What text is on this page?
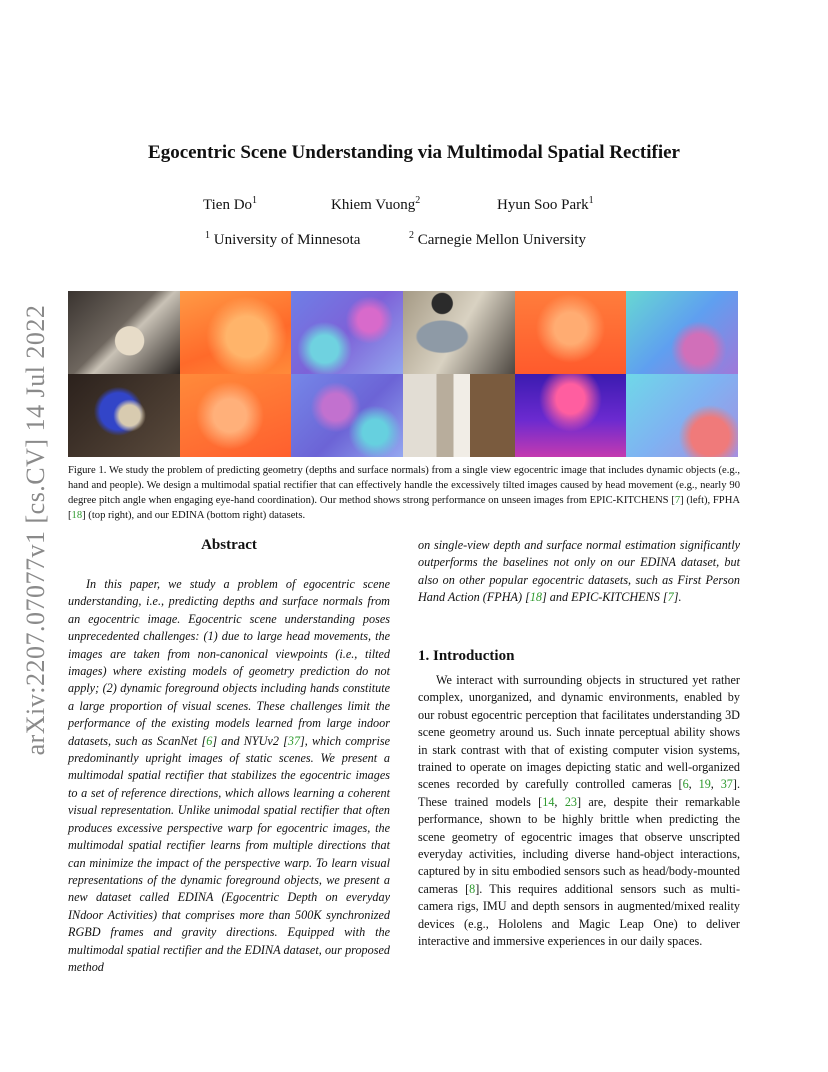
arXiv:2207.07077v1 [cs.CV] 14 Jul 2022
Egocentric Scene Understanding via Multimodal Spatial Rectifier
Tien Do$^1$	Khiem Vuong$^2$	Hyun Soo Park$^1$
$^1$ University of Minnesota	$^2$ Carnegie Mellon University
Figure 1. We study the problem of predicting geometry (depths and surface normals) from a single view egocentric image that includes dynamic objects (e.g., hand and people). We design a multimodal spatial rectifier that can effectively handle the excessively tilted images caused by head movement (e.g., nearly 90 degree pitch angle when engaging eye-hand coordination). Our method shows strong performance on unseen images from EPIC-KITCHENS [7] (left), FPHA [18] (top right), and our EDINA (bottom right) datasets.
Abstract
In this paper, we study a problem of egocentric scene understanding, i.e., predicting depths and surface normals from an egocentric image. Egocentric scene understanding poses unprecedented challenges: (1) due to large head movements, the images are taken from non-canonical viewpoints (i.e., tilted images) where existing models of geometry prediction do not apply; (2) dynamic foreground objects including hands constitute a large proportion of visual scenes. These challenges limit the performance of the existing models learned from large indoor datasets, such as ScanNet [6] and NYUv2 [37], which comprise predominantly upright images of static scenes. We present a multimodal spatial rectifier that stabilizes the egocentric images to a set of reference directions, which allows learning a coherent visual representation. Unlike unimodal spatial rectifier that often produces excessive perspective warp for egocentric images, the multimodal spatial rectifier learns from multiple directions that can minimize the impact of the perspective warp. To learn visual representations of the dynamic foreground objects, we present a new dataset called EDINA (Egocentric Depth on everyday INdoor Activities) that comprises more than 500K synchronized RGBD frames and gravity directions. Equipped with the multimodal spatial rectifier and the EDINA dataset, our proposed method
on single-view depth and surface normal estimation significantly outperforms the baselines not only on our EDINA dataset, but also on other popular egocentric datasets, such as First Person Hand Action (FPHA) [18] and EPIC-KITCHENS [7].
1. Introduction
We interact with surrounding objects in structured yet rather complex, unorganized, and dynamic environments, enabled by our robust egocentric perception that facilitates understanding 3D scene geometry around us. Such innate perceptual ability shows in stark contrast with that of existing computer vision systems, trained to operate on images depicting static and well-organized scenes recorded by carefully controlled cameras [6, 19, 37]. These trained models [14, 23] are, despite their remarkable performance, shown to be highly brittle when predicting the scene geometry of egocentric images that observe unscripted everyday activities, including diverse hand-object interactions, captured by in situ embodied sensors such as head/body-mounted cameras [8]. This requires additional sensors such as multi-camera rigs, IMU and depth sensors in augmented/mixed reality devices (e.g., Hololens and Magic Leap One) to deliver interactive and immersive experiences in our daily spaces.
